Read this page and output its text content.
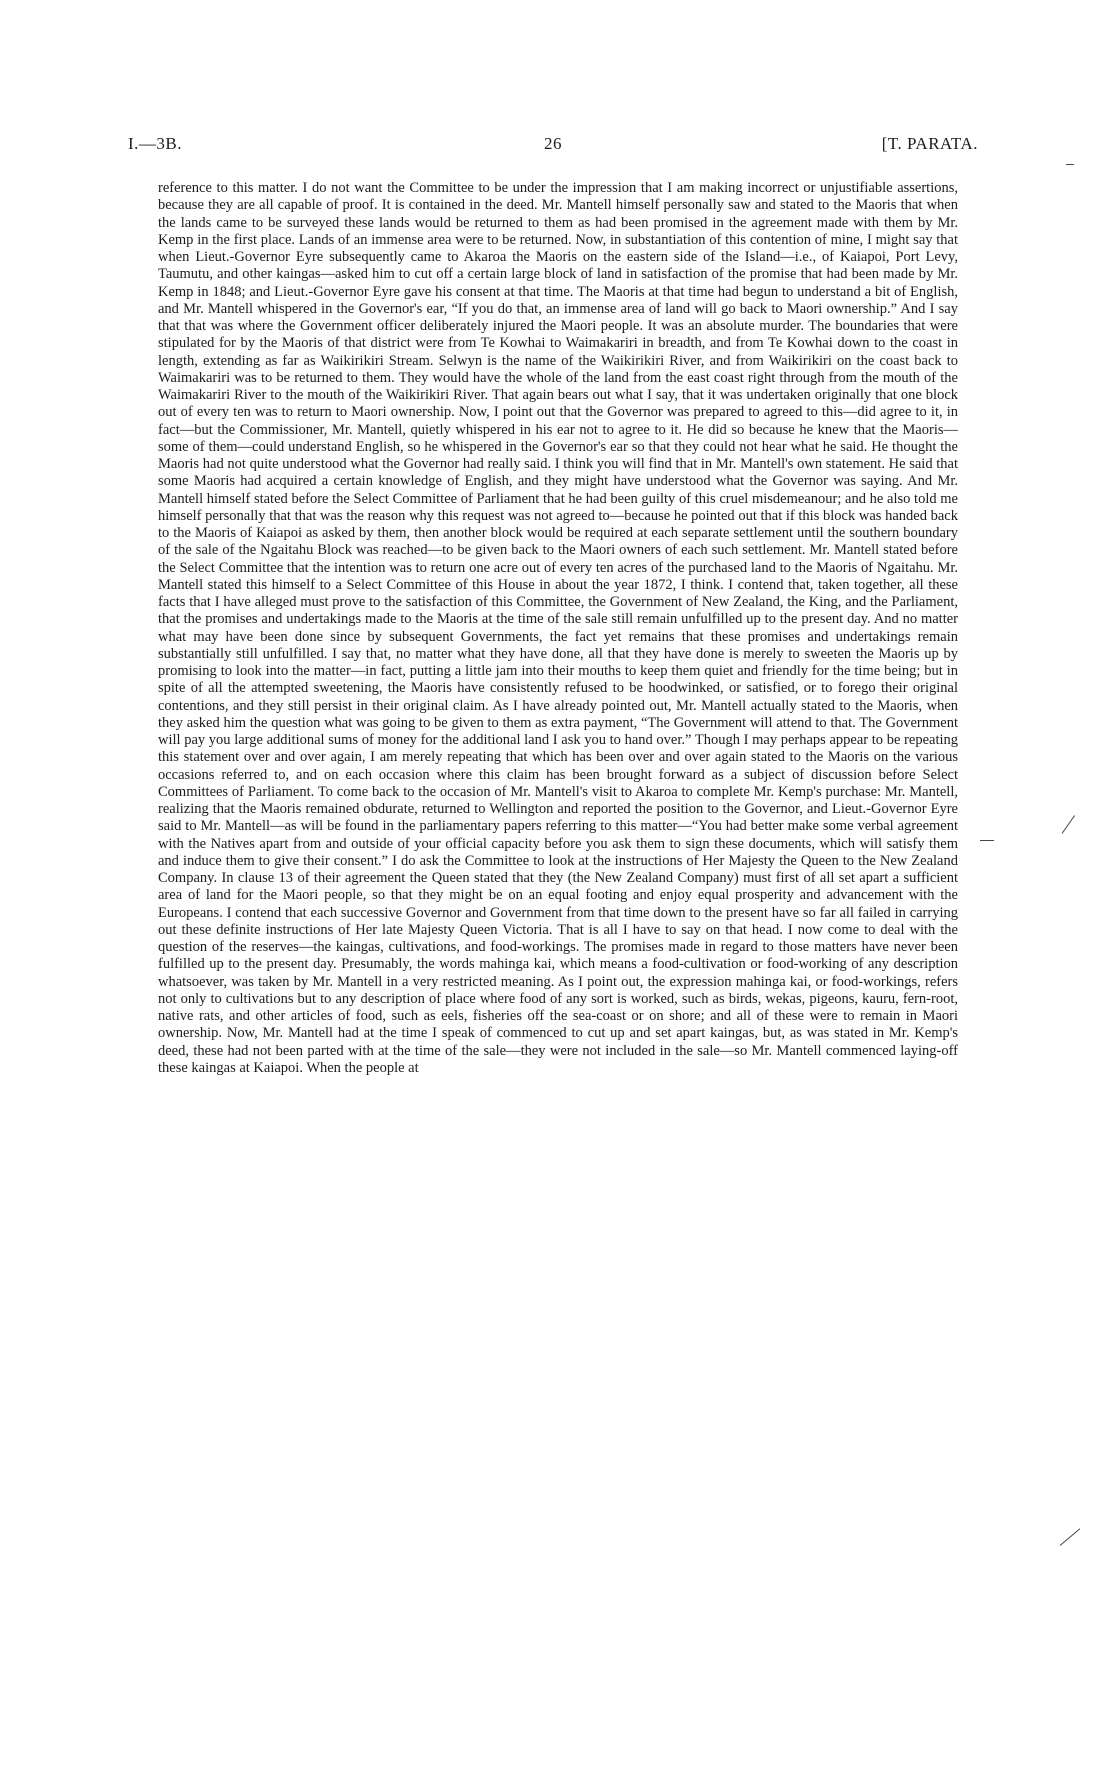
I.—3B.	26	[T. PARATA.

reference to this matter. I do not want the Committee to be under the impression that I am making incorrect or unjustifiable assertions, because they are all capable of proof. It is contained in the deed. Mr. Mantell himself personally saw and stated to the Maoris that when the lands came to be surveyed these lands would be returned to them as had been promised in the agreement made with them by Mr. Kemp in the first place. Lands of an immense area were to be returned. Now, in substantiation of this contention of mine, I might say that when Lieut.-Governor Eyre subsequently came to Akaroa the Maoris on the eastern side of the Island—i.e., of Kaiapoi, Port Levy, Taumutu, and other kaingas—asked him to cut off a certain large block of land in satisfaction of the promise that had been made by Mr. Kemp in 1848; and Lieut.-Governor Eyre gave his consent at that time. The Maoris at that time had begun to understand a bit of English, and Mr. Mantell whispered in the Governor's ear, “If you do that, an immense area of land will go back to Maori ownership.” And I say that that was where the Government officer deliberately injured the Maori people. It was an absolute murder. The boundaries that were stipulated for by the Maoris of that district were from Te Kowhai to Waimakariri in breadth, and from Te Kowhai down to the coast in length, extending as far as Waikirikiri Stream. Selwyn is the name of the Waikirikiri River, and from Waikirikiri on the coast back to Waimakariri was to be returned to them. They would have the whole of the land from the east coast right through from the mouth of the Waimakariri River to the mouth of the Waikirikiri River. That again bears out what I say, that it was undertaken originally that one block out of every ten was to return to Maori ownership. Now, I point out that the Governor was prepared to agreed to this—did agree to it, in fact—but the Commissioner, Mr. Mantell, quietly whispered in his ear not to agree to it. He did so because he knew that the Maoris—some of them—could understand English, so he whispered in the Governor's ear so that they could not hear what he said. He thought the Maoris had not quite understood what the Governor had really said. I think you will find that in Mr. Mantell's own statement. He said that some Maoris had acquired a certain knowledge of English, and they might have understood what the Governor was saying. And Mr. Mantell himself stated before the Select Committee of Parliament that he had been guilty of this cruel misdemeanour; and he also told me himself personally that that was the reason why this request was not agreed to—because he pointed out that if this block was handed back to the Maoris of Kaiapoi as asked by them, then another block would be required at each separate settlement until the southern boundary of the sale of the Ngaitahu Block was reached—to be given back to the Maori owners of each such settlement. Mr. Mantell stated before the Select Committee that the intention was to return one acre out of every ten acres of the purchased land to the Maoris of Ngaitahu. Mr. Mantell stated this himself to a Select Committee of this House in about the year 1872, I think. I contend that, taken together, all these facts that I have alleged must prove to the satisfaction of this Committee, the Government of New Zealand, the King, and the Parliament, that the promises and undertakings made to the Maoris at the time of the sale still remain unfulfilled up to the present day. And no matter what may have been done since by subsequent Governments, the fact yet remains that these promises and undertakings remain substantially still unfulfilled. I say that, no matter what they have done, all that they have done is merely to sweeten the Maoris up by promising to look into the matter—in fact, putting a little jam into their mouths to keep them quiet and friendly for the time being; but in spite of all the attempted sweetening, the Maoris have consistently refused to be hoodwinked, or satisfied, or to forego their original contentions, and they still persist in their original claim. As I have already pointed out, Mr. Mantell actually stated to the Maoris, when they asked him the question what was going to be given to them as extra payment, “The Government will attend to that. The Government will pay you large additional sums of money for the additional land I ask you to hand over.” Though I may perhaps appear to be repeating this statement over and over again, I am merely repeating that which has been over and over again stated to the Maoris on the various occasions referred to, and on each occasion where this claim has been brought forward as a subject of discussion before Select Committees of Parliament. To come back to the occasion of Mr. Mantell's visit to Akaroa to complete Mr. Kemp's purchase: Mr. Mantell, realizing that the Maoris remained obdurate, returned to Wellington and reported the position to the Governor, and Lieut.-Governor Eyre said to Mr. Mantell—as will be found in the parliamentary papers referring to this matter—“You had better make some verbal agreement with the Natives apart from and outside of your official capacity before you ask them to sign these documents, which will satisfy them and induce them to give their consent.” I do ask the Committee to look at the instructions of Her Majesty the Queen to the New Zealand Company. In clause 13 of their agreement the Queen stated that they (the New Zealand Company) must first of all set apart a sufficient area of land for the Maori people, so that they might be on an equal footing and enjoy equal prosperity and advancement with the Europeans. I contend that each successive Governor and Government from that time down to the present have so far all failed in carrying out these definite instructions of Her late Majesty Queen Victoria. That is all I have to say on that head. I now come to deal with the question of the reserves—the kaingas, cultivations, and food-workings. The promises made in regard to those matters have never been fulfilled up to the present day. Presumably, the words mahinga kai, which means a food-cultivation or food-working of any description whatsoever, was taken by Mr. Mantell in a very restricted meaning. As I point out, the expression mahinga kai, or food-workings, refers not only to cultivations but to any description of place where food of any sort is worked, such as birds, wekas, pigeons, kauru, fern-root, native rats, and other articles of food, such as eels, fisheries off the sea-coast or on shore; and all of these were to remain in Maori ownership. Now, Mr. Mantell had at the time I speak of commenced to cut up and set apart kaingas, but, as was stated in Mr. Kemp's deed, these had not been parted with at the time of the sale—they were not included in the sale—so Mr. Mantell commenced laying-off these kaingas at Kaiapoi. When the people at
